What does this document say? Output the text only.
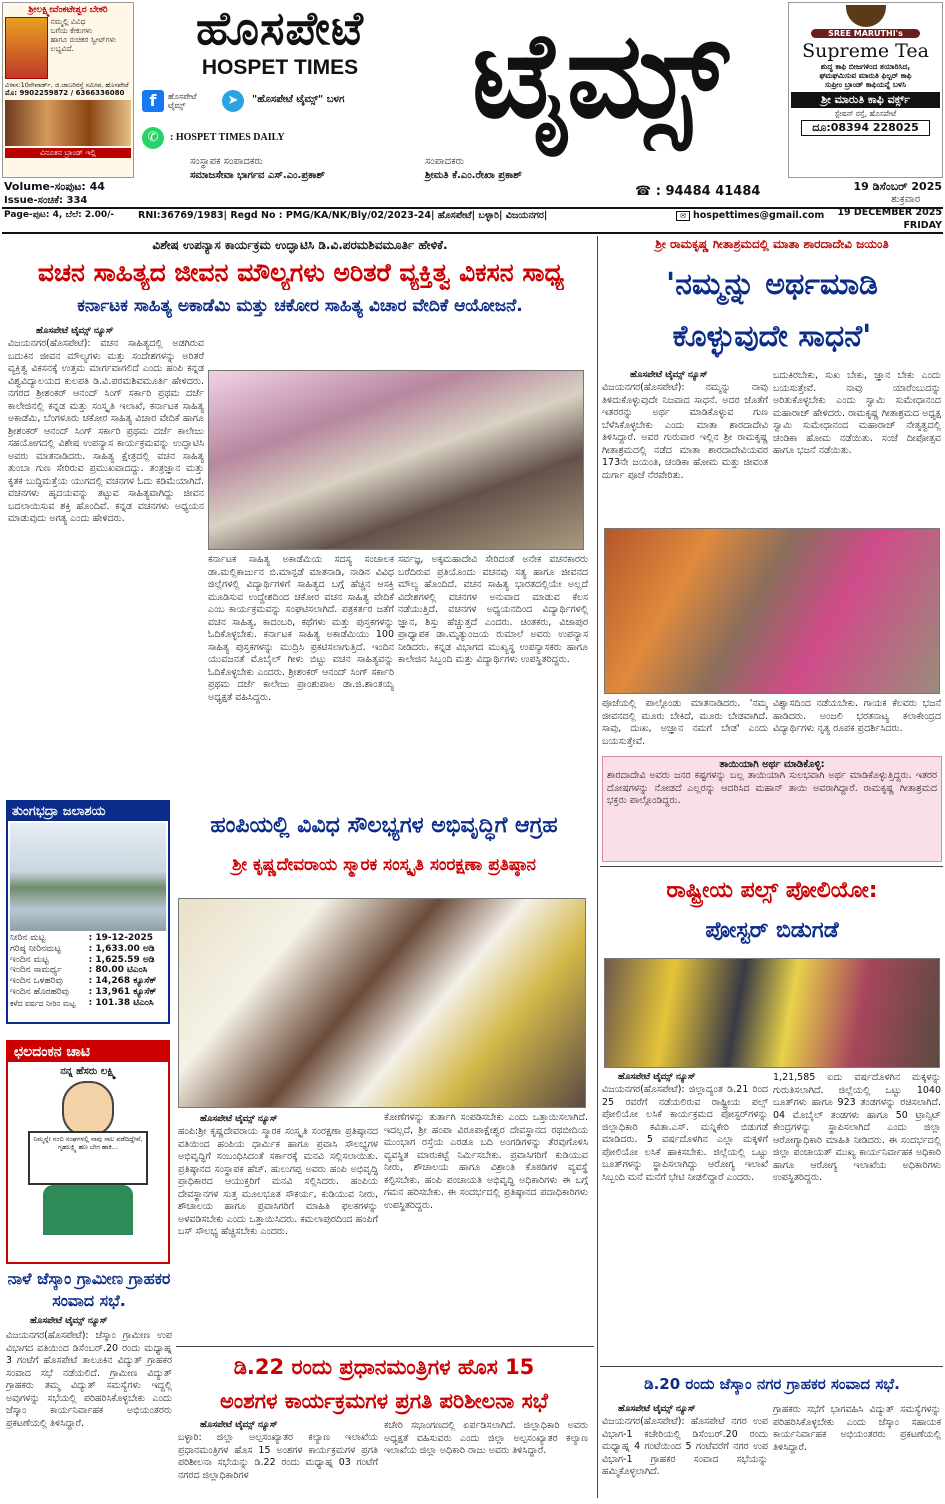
ಶ್ರೀಲಕ್ಷ್ಮೀವೆಂಕಟೇಶ್ವರ ಬೇಕರಿ
ನಮ್ಮಲ್ಲಿ ವಿವಿಧ
ಬಗೆಯ ಕೇಕುಗಳು
ಹಾಗೂ ರುಚಿಕರ ಸ್ವೀಟ್‌ಗಳು ಲಭ್ಯವಿದೆ.
ವಿಳಾಸ:10ನೇವಾರ್ಡ್, ಜಿ.ಜಾಬರಿರಸ್ತೆ ಸಮೀಪ, ಹೊಸಪೇಟೆ
ಮೊ: 9902259872 / 6366336080
ವಿನೂತನ ಬ್ರಾಂಡ್ ಇಲ್ಲಿ
ಹೊಸಪೇಟೆ
HOSPET TIMES ಟೈಮ್ಸ್
f	ಹೊಸಪೇಟೆ ಟೈಮ್ಸ್	➤	"ಹೊಸಪೇಟೆ ಟೈಮ್ಸ್" ಬಳಗ
✆	: HOSPET TIMES DAILY
SREE MARUTHI's
Supreme Tea
ಶುದ್ಧ ಕಾಫಿ ಬೀಜಗಳಿಂದ ತಯಾರಿಸಿದ,
ಘಮಘಮಿಸುವ ಮಾರುತಿ ಫಿಲ್ಟರ್ ಕಾಫಿ
ಸುಪ್ರೀಂ ಬ್ರಾಂಡ್ ಕಾಫಿಯನ್ನೆ ಬಳಸಿ
ಶ್ರೀ ಮಾರುತಿ ಕಾಫಿ ವರ್ಕ್ಸ್
ಸ್ಟೇಷನ್ ರಸ್ತೆ, ಹೊಸಪೇಟೆ
ದೂ:08394 228025
ಸಂಸ್ಥಾಪಕ ಸಂಪಾದಕರು
ಸಮಾಜಸೇವಾ ಭಾರ್ಗವ ಎಸ್.ಎಂ.ಪ್ರಕಾಶ್
ಸಂಪಾದಕರು
ಶ್ರೀಮತಿ ಕೆ.ಎಂ.ರೇಖಾ ಪ್ರಕಾಶ್
☎ : 94484 41484
Volume-ಸಂಪುಟ: 44
Issue-ಸಂಚಿಕೆ: 334
19 ಡಿಸೆಂಬರ್ 2025
ಶುಕ್ರವಾರ
Page-ಪುಟ: 4, ಬೆಲೆ: 2.00/-	RNI:36769/1983| Regd No : PMG/KA/NK/Bly/02/2023-24| ಹೊಸಪೇಟೆ| ಬಳ್ಳಾರಿ| ವಿಜಯನಗರ|	✉ hospettimes@gmail.com	19 DECEMBER 2025
FRIDAY
ವಿಶೇಷ ಉಪನ್ಯಾಸ ಕಾರ್ಯಕ್ರಮ ಉದ್ಘಾಟಿಸಿ ಡಿ.ವಿ.ಪರಮಶಿವಮೂರ್ತಿ ಹೇಳಿಕೆ.
ವಚನ ಸಾಹಿತ್ಯದ ಜೀವನ ಮೌಲ್ಯಗಳು ಅರಿತರೆ ವ್ಯಕ್ತಿತ್ವ ವಿಕಸನ ಸಾಧ್ಯ
ಕರ್ನಾಟಕ ಸಾಹಿತ್ಯ ಅಕಾಡೆಮಿ ಮತ್ತು ಚಕೋರ ಸಾಹಿತ್ಯ ವಿಚಾರ ವೇದಿಕೆ ಆಯೋಜನೆ.
ಹೊಸಪೇಟೆ ಟೈಮ್ಸ್ ನ್ಯೂಸ್
ವಿಜಯನಗರ(ಹೊಸಪೇಟೆ): ವಚನ ಸಾಹಿತ್ಯದಲ್ಲಿ ಅಡಗಿರುವ ಬದುಕಿನ ಜೀವನ ಮೌಲ್ಯಗಳು ಮತ್ತು ಸಂದೇಶಗಳನ್ನು ಅರಿತರೆ ವ್ಯಕ್ತಿತ್ವ ವಿಕಸನಕ್ಕೆ ಉತ್ತಮ ಮಾರ್ಗವಾಗಲಿದೆ ಎಂದು ಹಂಪಿ ಕನ್ನಡ ವಿಶ್ವವಿದ್ಯಾಲಯದ ಕುಲಪತಿ ಡಿ.ವಿ.ಪರಮಶಿವಮೂರ್ತಿ ಹೇಳಿದರು. ನಗರದ ಶ್ರೀಶಂಕರ್ ಆನಂದ್ ಸಿಂಗ್ ಸರ್ಕಾರಿ ಪ್ರಥಮ ದರ್ಜೆ ಕಾಲೇಜಿನಲ್ಲಿ ಕನ್ನಡ ಮತ್ತು ಸಂಸ್ಕೃತಿ ಇಲಾಖೆ, ಕರ್ನಾಟಕ ಸಾಹಿತ್ಯ ಅಕಾಡೆಮಿ, ಬೆಂಗಳೂರು ಚಕೋರ ಸಾಹಿತ್ಯ ವಿಚಾರ ವೇದಿಕೆ ಹಾಗೂ ಶ್ರೀಶಂಕರ್ ಆನಂದ್ ಸಿಂಗ್ ಸರ್ಕಾರಿ ಪ್ರಥಮ ದರ್ಜೆ ಕಾಲೇಜು ಸಹಯೋಗದಲ್ಲಿ ವಿಶೇಷ ಉಪನ್ಯಾಸ ಕಾರ್ಯಕ್ರಮವನ್ನು ಉದ್ಘಾಟಿಸಿ ಅವರು ಮಾತನಾಡಿದರು. ಸಾಹಿತ್ಯ ಕ್ಷೇತ್ರದಲ್ಲಿ ವಚನ ಸಾಹಿತ್ಯ ತುಂಬಾ ಗುಣ ಸೇರಿರುವ ಪ್ರಮುಖವಾದದ್ದು. ತಂತ್ರಜ್ಞಾನ ಮತ್ತು ಕೃತಕ ಬುದ್ಧಿಮತ್ತೆಯ ಯುಗದಲ್ಲಿ ವಚನಗಳ ಓದು ಕಡಿಮೆಯಾಗಿದೆ. ವಚನಗಳು ಹೃದಯವನ್ನು ತಟ್ಟುವ ಸಾಹಿತ್ಯವಾಗಿದ್ದು ಜೀವನ ಬದಲಾಯಿಸುವ ಶಕ್ತಿ ಹೊಂದಿವೆ. ಕನ್ನಡ ವಚನಗಳು ಅಧ್ಯಯನ ಮಾಡುವುದು ಅಗತ್ಯ ಎಂದು ಹೇಳಿದರು.
ಕರ್ನಾಟಕ ಸಾಹಿತ್ಯ ಅಕಾಡೆಮಿಯ ಸದಸ್ಯ ಸಂಚಾಲಕ ಡಾ.ಮಲ್ಲಿಕಾರ್ಜುನ ಬಿ.ಮಾನ್ಪಡೆ ಮಾತನಾಡಿ, ನಾಡಿನ ವಿವಿಧ ಜಿಲ್ಲೆಗಳಲ್ಲಿ ವಿದ್ಯಾರ್ಥಿಗಳಿಗೆ ಸಾಹಿತ್ಯದ ಬಗ್ಗೆ ಹೆಚ್ಚಿನ ಆಸಕ್ತಿ ಮೂಡಿಸುವ ಉದ್ದೇಶದಿಂದ ಚಕೋರ ವಚನ ಸಾಹಿತ್ಯ ವೇದಿಕೆ ಎಂಬ ಕಾರ್ಯಕ್ರಮವನ್ನು ಸಂಘಟಿಸಲಾಗಿದೆ. ಪತ್ರಕರ್ತರ ಜತೆಗೆ ವಚನ ಸಾಹಿತ್ಯ, ಕಾದಂಬರಿ, ಕಥೆಗಳು ಮತ್ತು ಪುಸ್ತಕಗಳನ್ನು ಓದಿಕೊಳ್ಳಬೇಕು. ಕರ್ನಾಟಕ ಸಾಹಿತ್ಯ ಅಕಾಡೆಮಿಯು 100 ಸಾಹಿತ್ಯ ಪುಸ್ತಕಗಳನ್ನು ಮುದ್ರಿಸಿ ಪ್ರಕಟಿಸಲಾಗುತ್ತಿದೆ. ಇಂದಿನ ಯುವಜನತೆ ಮೊಬೈಲ್ ಗೀಳು ಬಿಟ್ಟು ವಚನ ಸಾಹಿತ್ಯವನ್ನು ಓದಿಕೊಳ್ಳಬೇಕು ಎಂದರು. ಶ್ರೀಶಂಕರ್ ಆನಂದ್ ಸಿಂಗ್ ಸರ್ಕಾರಿ ಪ್ರಥಮ ದರ್ಜೆ ಕಾಲೇಜು ಪ್ರಾಂಶುಪಾಲ ಡಾ.ಜಿ.ಶಾಂತಯ್ಯ ಅಧ್ಯಕ್ಷತೆ ವಹಿಸಿದ್ದರು.
ಸರ್ವಜ್ಞ, ಅಕ್ಕಮಹಾದೇವಿ ಸೇರಿದಂತೆ ಅನೇಕ ವಚನಕಾರರು ಬರೆದಿರುವ ಪ್ರತಿಯೊಂದು ವಚನವು ಸತ್ಯ ಹಾಗೂ ಜೀವನದ ಮೌಲ್ಯ ಹೊಂದಿದೆ. ವಚನ ಸಾಹಿತ್ಯ ಭಾರತದಲ್ಲಿಯೇ ಅಲ್ಲದೆ ವಿದೇಶಗಳಲ್ಲಿ ವಚನಗಳ ಅನುವಾದ ಮಾಡುವ ಕೆಲಸ ನಡೆಯುತ್ತಿದೆ. ವಚನಗಳ ಅಧ್ಯಯನದಿಂದ ವಿದ್ಯಾರ್ಥಿಗಳಲ್ಲಿ ಜ್ಞಾನ, ಶಿಸ್ತು ಹೆಚ್ಚುತ್ತದೆ ಎಂದರು. ಚಿಂತಕರು, ವಿಜಾಪುರ ಪ್ರಾಧ್ಯಾಪಕ ಡಾ.ಮೃತ್ಯುಂಜಯ ರುಮಾಲೆ ಅವರು ಉಪನ್ಯಾಸ ನೀಡಿದರು. ಕನ್ನಡ ವಿಭಾಗದ ಮುಖ್ಯಸ್ಥ ಉಪನ್ಯಾಸಕರು ಹಾಗೂ ಕಾಲೇಜಿನ ಸಿಬ್ಬಂದಿ ಮತ್ತು ವಿದ್ಯಾರ್ಥಿಗಳು ಉಪಸ್ಥಿತರಿದ್ದರು.
ಶ್ರೀ ರಾಮಕೃಷ್ಣ ಗೀತಾಶ್ರಮದಲ್ಲಿ ಮಾತಾ ಶಾರದಾದೇವಿ ಜಯಂತಿ
'ನಮ್ಮನ್ನು ಅರ್ಥಮಾಡಿ
ಕೊಳ್ಳುವುದೇ ಸಾಧನೆ'
ಹೊಸಪೇಟೆ ಟೈಮ್ಸ್ ನ್ಯೂಸ್
ವಿಜಯನಗರ(ಹೊಸಪೇಟೆ): ನಮ್ಮನ್ನು ನಾವು ತಿಳಿದುಕೊಳ್ಳುವುದೇ ನಿಜವಾದ ಸಾಧನೆ. ಅದರ ಜೊತೆಗೆ ಇತರರನ್ನು ಅರ್ಥ ಮಾಡಿಕೊಳ್ಳುವ ಗುಣ ಬೆಳೆಸಿಕೊಳ್ಳಬೇಕು ಎಂದು ಮಾತಾ ಶಾರದಾದೇವಿ ತಿಳಿಸಿದ್ದಾರೆ. ಅವರ ಗುರುವಾರ ಇಲ್ಲಿನ ಶ್ರೀ ರಾಮಕೃಷ್ಣ ಗೀತಾಶ್ರಮದಲ್ಲಿ ನಡೆದ ಮಾತಾ ಶಾರದಾದೇವಿಯವರ 173ನೇ ಜಯಂತಿ, ಚಂಡಿಕಾ ಹೋಮ ಮತ್ತು ಜೀವಂತ ದುರ್ಗಾ ಪೂಜೆ ನೆರವೇರಿತು.
ಬದುಕಿರಬೇಕು, ಸುಖ ಬೇಕು, ಜ್ಞಾನ ಬೇಕು ಎಂದು ಬಯಸುತ್ತೇವೆ. ನಾವು ಯಾರೆಂಬುದನ್ನು ಅರಿತುಕೊಳ್ಳಬೇಕು ಎಂದು ಸ್ವಾಮಿ ಸುಮೇಧಾನಂದ ಮಹಾರಾಜ್ ಹೇಳಿದರು. ರಾಮಕೃಷ್ಣ ಗೀತಾಶ್ರಮದ ಅಧ್ಯಕ್ಷ ಸ್ವಾಮಿ ಸುಮೇಧಾನಂದ ಮಹಾರಾಜ್ ನೇತೃತ್ವದಲ್ಲಿ ಚಂಡಿಕಾ ಹೋಮ ನಡೆಯಿತು. ಸಂಜೆ ದೀಪೋತ್ಸವ ಹಾಗೂ ಭಜನೆ ನಡೆಯಿತು.
ಪೂಜೆಯಲ್ಲಿ ಪಾಲ್ಗೊಂಡು ಮಾತನಾಡಿದರು. 'ನಮ್ಮ ಜೀವನದಲ್ಲಿ ಮೂರು ಬೇಕಿದೆ, ಮೂರು ಬೇಡವಾಗಿದೆ. ಸಾವು, ದುಃಖ, ಅಜ್ಞಾನ ನಮಗೆ ಬೇಡ' ಎಂದು ಬಯಸುತ್ತೇವೆ.
ವಿಶ್ವಾಸದಿಂದ ನಡೆಯಬೇಕು. ಗಾಯಕ ಕೆಲವರು ಭಜನೆ ಹಾಡಿದರು. ಅಂಜಲಿ ಭರತನಾಟ್ಯ ಕಲಾಕೇಂದ್ರದ ವಿದ್ಯಾರ್ಥಿಗಳು ನೃತ್ಯ ರೂಪಕ ಪ್ರದರ್ಶಿಸಿದರು.
ತಾಯಿಯಾಗಿ ಅರ್ಥ ಮಾಡಿಕೊಳ್ಳಿ:
ಶಾರದಾದೇವಿ ಅವರು ಜನರ ಕಷ್ಟಗಳನ್ನು ಬಲ್ಲ ತಾಯಿಯಾಗಿ ಸುಲಭವಾಗಿ ಅರ್ಥ ಮಾಡಿಕೊಳ್ಳುತ್ತಿದ್ದರು. ಇತರರ ದೋಷಗಳನ್ನು ನೋಡದೆ ಎಲ್ಲರನ್ನು ಆದರಿಸಿದ ಮಹಾನ್ ತಾಯಿ ಅವರಾಗಿದ್ದಾರೆ. ರಾಮಕೃಷ್ಣ ಗೀತಾಶ್ರಮದ ಭಕ್ತರು ಪಾಲ್ಗೊಂಡಿದ್ದರು.
ತುಂಗಭದ್ರಾ ಜಲಾಶಯ
ನೀರಿನ ಮಟ್ಟ	: 19-12-2025
ಗರಿಷ್ಠ ನೀರಿನಮಟ್ಟ	: 1,633.00 ಅಡಿ
ಇಂದಿನ ಮಟ್ಟ	: 1,625.59 ಅಡಿ
ಇಂದಿನ ಸಾಮರ್ಥ್ಯ	: 80.00 ಟಿಎಂಸಿ
ಇಂದಿನ ಒಳಹರಿವು	: 14,268 ಕ್ಯೂಸೆಕ್
ಇಂದಿನ ಹೊರಹರಿವು	: 13,961 ಕ್ಯೂಸೆಕ್
ಕಳೆದ ವರ್ಷದ ನೀರಿನ ಮಟ್ಟ	: 101.38 ಟಿಎಂಸಿ
ಛಲದಂಕನ ಚಾಟಿ
ನನ್ನ ಹೆಸರು ಲಕ್ಷ್ಮಿ
ನಿಮ್ಮನ್ನೇ ನಂಬಿ ಸಂಘಗಳಲ್ಲಿ ನಾವು ಸಾಲ ಪಡೆದಿದ್ದೇವೆ, ಗೃಹಲಕ್ಷ್ಮಿ ಹಣ ಬೇಗ ಹಾಕಿ...
ನಾಳೆ ಜೆಸ್ಕಾಂ ಗ್ರಾಮೀಣ ಗ್ರಾಹಕರ ಸಂವಾದ ಸಭೆ.
ಹೊಸಪೇಟೆ ಟೈಮ್ಸ್ ನ್ಯೂಸ್
ವಿಜಯನಗರ(ಹೊಸಪೇಟೆ): ಜೆಸ್ಕಾಂ ಗ್ರಾಮೀಣ ಉಪ ವಿಭಾಗದ ವತಿಯಿಂದ ಡಿಸೆಂಬರ್.20 ರಂದು ಮಧ್ಯಾಹ್ನ 3 ಗಂಟೆಗೆ ಹೊಸಪೇಟೆ ತಾಲೂಕಿನ ವಿದ್ಯುತ್ ಗ್ರಾಹಕರ ಸಂವಾದ ಸಭೆ ನಡೆಯಲಿದೆ. ಗ್ರಾಮೀಣ ವಿದ್ಯುತ್ ಗ್ರಾಹಕರು ತಮ್ಮ ವಿದ್ಯುತ್ ಸಮಸ್ಯೆಗಳು ಇದ್ದಲ್ಲಿ ಅವುಗಳನ್ನು ಸಭೆಯಲ್ಲಿ ಪರಿಹರಿಸಿಕೊಳ್ಳಬೇಕು ಎಂದು ಜೆಸ್ಕಾಂ ಕಾರ್ಯನಿರ್ವಾಹಕ ಅಭಿಯಂತರರು ಪ್ರಕಟಣೆಯಲ್ಲಿ ತಿಳಿಸಿದ್ದಾರೆ.
ಹಂಪಿಯಲ್ಲಿ ವಿವಿಧ ಸೌಲಭ್ಯಗಳ ಅಭಿವೃದ್ಧಿಗೆ ಆಗ್ರಹ
ಶ್ರೀ ಕೃಷ್ಣದೇವರಾಯ ಸ್ಮಾರಕ ಸಂಸ್ಕೃತಿ ಸಂರಕ್ಷಣಾ ಪ್ರತಿಷ್ಠಾನ
ಹೊಸಪೇಟೆ ಟೈಮ್ಸ್ ನ್ಯೂಸ್
ಹಂಪಿ:ಶ್ರೀ ಕೃಷ್ಣದೇವರಾಯ ಸ್ಮಾರಕ ಸಂಸ್ಕೃತಿ ಸಂರಕ್ಷಣಾ ಪ್ರತಿಷ್ಠಾನದ ವತಿಯಿಂದ ಹಂಪಿಯ ಧಾರ್ಮಿಕ ಹಾಗೂ ಪ್ರವಾಸಿ ಸೌಲಭ್ಯಗಳ ಅಭಿವೃದ್ಧಿಗೆ ಸಂಬಂಧಿಸಿದಂತೆ ಸರ್ಕಾರಕ್ಕೆ ಮನವಿ ಸಲ್ಲಿಸಲಾಯಿತು. ಪ್ರತಿಷ್ಠಾನದ ಸಂಸ್ಥಾಪಕ ಹೆಚ್. ಹುಲುಗಪ್ಪ ಅವರು ಹಂಪಿ ಅಭಿವೃದ್ಧಿ ಪ್ರಾಧಿಕಾರದ ಆಯುಕ್ತರಿಗೆ ಮನವಿ ಸಲ್ಲಿಸಿದರು. ಹಂಪಿಯ ದೇವಸ್ಥಾನಗಳ ಸುತ್ತ ಮೂಲಭೂತ ಸೌಕರ್ಯ, ಕುಡಿಯುವ ನೀರು, ಶೌಚಾಲಯ ಹಾಗೂ ಪ್ರವಾಸಿಗರಿಗೆ ಮಾಹಿತಿ ಫಲಕಗಳನ್ನು ಅಳವಡಿಸಬೇಕು ಎಂದು ಒತ್ತಾಯಿಸಿದರು. ಕಮಲಾಪುರದಿಂದ ಹಂಪಿಗೆ ಬಸ್ ಸೌಲಭ್ಯ ಹೆಚ್ಚಿಸಬೇಕು ಎಂದರು.
ಕೋಣೆಗಳನ್ನು ತುರ್ತಾಗಿ ಸಂಪಡಿಸಬೇಕು ಎಂದು ಒತ್ತಾಯಿಸಲಾಗಿದೆ. ಇದಲ್ಲದೆ, ಶ್ರೀ ಹಂಪಾ ವಿರೂಪಾಕ್ಷೇಶ್ವರ ದೇವಸ್ಥಾನದ ರಥಬೀದಿಯ ಮುಂಭಾಗ ರಸ್ತೆಯ ಎರಡೂ ಬದಿ ಅಂಗಡಿಗಳನ್ನು ತೆರವುಗೊಳಿಸಿ ವ್ಯವಸ್ಥಿತ ಮಾರುಕಟ್ಟೆ ನಿರ್ಮಿಸಬೇಕು. ಪ್ರವಾಸಿಗರಿಗೆ ಕುಡಿಯುವ ನೀರು, ಶೌಚಾಲಯ ಹಾಗೂ ವಿಶ್ರಾಂತಿ ಕೊಠಡಿಗಳ ವ್ಯವಸ್ಥೆ ಕಲ್ಪಿಸಬೇಕು. ಹಂಪಿ ಪಂಚಾಯತಿ ಅಭಿವೃದ್ಧಿ ಅಧಿಕಾರಿಗಳು ಈ ಬಗ್ಗೆ ಗಮನ ಹರಿಸಬೇಕು. ಈ ಸಂದರ್ಭದಲ್ಲಿ ಪ್ರತಿಷ್ಠಾನದ ಪದಾಧಿಕಾರಿಗಳು ಉಪಸ್ಥಿತರಿದ್ದರು.
ಡಿ.22 ರಂದು ಪ್ರಧಾನಮಂತ್ರಿಗಳ ಹೊಸ 15
ಅಂಶಗಳ ಕಾರ್ಯಕ್ರಮಗಳ ಪ್ರಗತಿ ಪರಿಶೀಲನಾ ಸಭೆ
ಹೊಸಪೇಟೆ ಟೈಮ್ಸ್ ನ್ಯೂಸ್
ಬಳ್ಳಾರಿ: ಜಿಲ್ಲಾ ಅಲ್ಪಸಂಖ್ಯಾತರ ಕಲ್ಯಾಣ ಇಲಾಖೆಯ ಪ್ರಧಾನಮಂತ್ರಿಗಳ ಹೊಸ 15 ಅಂಶಗಳ ಕಾರ್ಯಕ್ರಮಗಳ ಪ್ರಗತಿ ಪರಿಶೀಲನಾ ಸಭೆಯನ್ನು ಡಿ.22 ರಂದು ಮಧ್ಯಾಹ್ನ 03 ಗಂಟೆಗೆ ನಗರದ ಜಿಲ್ಲಾಧಿಕಾರಿಗಳ
ಕಚೇರಿ ಸಭಾಂಗಣದಲ್ಲಿ ಏರ್ಪಡಿಸಲಾಗಿದೆ. ಜಿಲ್ಲಾಧಿಕಾರಿ ಅವರು ಅಧ್ಯಕ್ಷತೆ ವಹಿಸುವರು ಎಂದು ಜಿಲ್ಲಾ ಅಲ್ಪಸಂಖ್ಯಾತರ ಕಲ್ಯಾಣ ಇಲಾಖೆಯ ಜಿಲ್ಲಾ ಅಧಿಕಾರಿ ರಾಜು ಅವರು ತಿಳಿಸಿದ್ದಾರೆ.
ರಾಷ್ಟ್ರೀಯ ಪಲ್ಸ್ ಪೋಲಿಯೋ:
ಪೋಸ್ಟರ್ ಬಿಡುಗಡೆ
ಹೊಸಪೇಟೆ ಟೈಮ್ಸ್ ನ್ಯೂಸ್
ವಿಜಯನಗರ(ಹೊಸಪೇಟೆ): ಜಿಲ್ಲಾದ್ಯಂತ ಡಿ.21 ರಿಂದ 25 ರವರೆಗೆ ನಡೆಯಲಿರುವ ರಾಷ್ಟ್ರೀಯ ಪಲ್ಸ್ ಪೋಲಿಯೋ ಲಸಿಕೆ ಕಾರ್ಯಕ್ರಮದ ಪೋಸ್ಟರ್‌ಗಳನ್ನು ಜಿಲ್ಲಾಧಿಕಾರಿ ಕವಿತಾ.ಎಸ್. ಮನ್ನಿಕೇರಿ ಬಿಡುಗಡೆ ಮಾಡಿದರು. 5 ವರ್ಷದೊಳಗಿನ ಎಲ್ಲಾ ಮಕ್ಕಳಿಗೆ ಪೋಲಿಯೋ ಲಸಿಕೆ ಹಾಕಿಸಬೇಕು. ಜಿಲ್ಲೆಯಲ್ಲಿ ಒಟ್ಟು ಬೂತ್‌ಗಳನ್ನು ಸ್ಥಾಪಿಸಲಾಗಿದ್ದು ಆರೋಗ್ಯ ಇಲಾಖೆ ಸಿಬ್ಬಂದಿ ಮನೆ ಮನೆಗೆ ಭೇಟಿ ನೀಡಲಿದ್ದಾರೆ ಎಂದರು.
1,21,585 ಐದು ವರ್ಷದೊಳಗಿನ ಮಕ್ಕಳನ್ನು ಗುರುತಿಸಲಾಗಿದೆ. ಜಿಲ್ಲೆಯಲ್ಲಿ ಒಟ್ಟು 1040 ಬೂತ್‌ಗಳು ಹಾಗೂ 923 ತಂಡಗಳನ್ನು ರಚಿಸಲಾಗಿದೆ. 04 ಮೊಬೈಲ್ ತಂಡಗಳು ಹಾಗೂ 50 ಟ್ರಾನ್ಸಿಟ್ ಕೇಂದ್ರಗಳನ್ನು ಸ್ಥಾಪಿಸಲಾಗಿದೆ ಎಂದು ಜಿಲ್ಲಾ ಆರೋಗ್ಯಾಧಿಕಾರಿ ಮಾಹಿತಿ ನೀಡಿದರು. ಈ ಸಂದರ್ಭದಲ್ಲಿ ಜಿಲ್ಲಾ ಪಂಚಾಯತ್ ಮುಖ್ಯ ಕಾರ್ಯನಿರ್ವಾಹಕ ಅಧಿಕಾರಿ ಹಾಗೂ ಆರೋಗ್ಯ ಇಲಾಖೆಯ ಅಧಿಕಾರಿಗಳು ಉಪಸ್ಥಿತರಿದ್ದರು.
ಡಿ.20 ರಂದು ಜೆಸ್ಕಾಂ ನಗರ ಗ್ರಾಹಕರ ಸಂವಾದ ಸಭೆ.
ಹೊಸಪೇಟೆ ಟೈಮ್ಸ್ ನ್ಯೂಸ್
ವಿಜಯನಗರ(ಹೊಸಪೇಟೆ): ಹೊಸಪೇಟೆ ನಗರ ಉಪ ವಿಭಾಗ-1 ಕಚೇರಿಯಲ್ಲಿ ಡಿಸೆಂಬರ್.20 ರಂದು ಮಧ್ಯಾಹ್ನ 4 ಗಂಟೆಯಿಂದ 5 ಗಂಟೆವರೆಗೆ ನಗರ ಉಪ ವಿಭಾಗ-1 ಗ್ರಾಹಕರ ಸಂವಾದ ಸಭೆಯನ್ನು ಹಮ್ಮಿಕೊಳ್ಳಲಾಗಿದೆ.
ಗ್ರಾಹಕರು ಸಭೆಗೆ ಭಾಗವಹಿಸಿ ವಿದ್ಯುತ್ ಸಮಸ್ಯೆಗಳನ್ನು ಪರಿಹರಿಸಿಕೊಳ್ಳಬೇಕು ಎಂದು ಜೆಸ್ಕಾಂ ಸಹಾಯಕ ಕಾರ್ಯನಿರ್ವಾಹಕ ಅಭಿಯಂತರರು ಪ್ರಕಟಣೆಯಲ್ಲಿ ತಿಳಿಸಿದ್ದಾರೆ.
